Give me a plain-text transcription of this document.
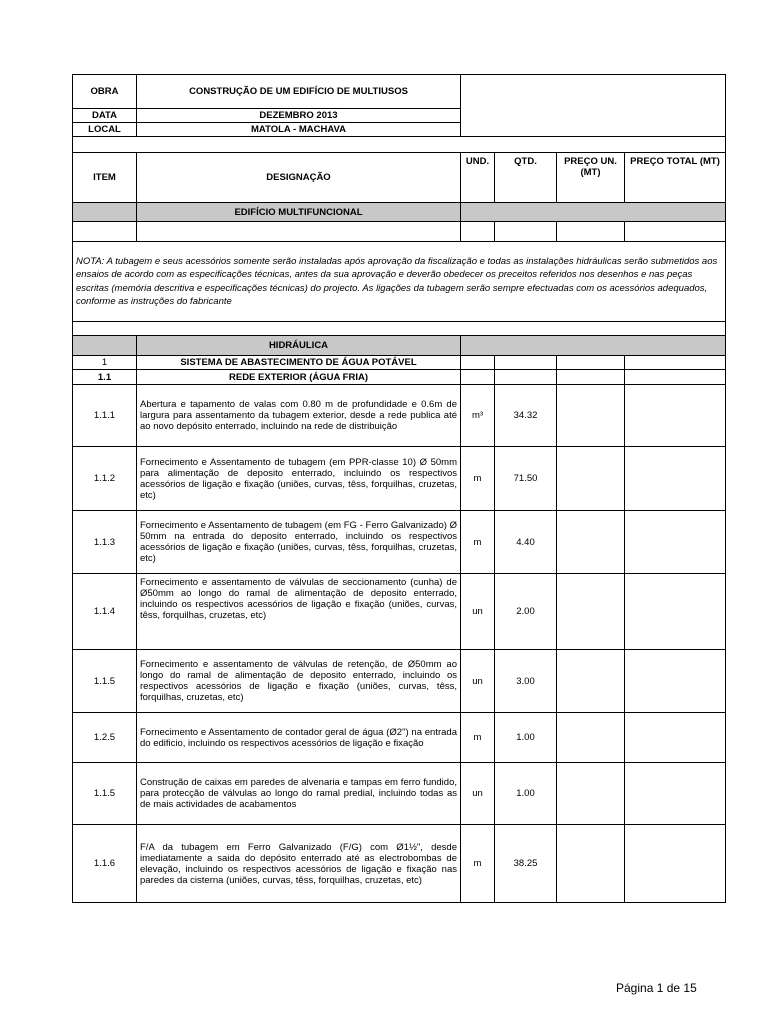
OBRA	CONSTRUÇÃO DE UM EDIFÍCIO DE MULTIUSOS				
DATA	DEZEMBRO 2013				
LOCAL	MATOLA - MACHAVA				

ITEM	DESIGNAÇÃO	UND.	QTD.	PREÇO UN. (MT)	PREÇO TOTAL (MT)
	EDIFÍCIO MULTIFUNCIONAL				

NOTA: A tubagem e seus acessórios somente serão instaladas após aprovação da fiscalização e todas as instalações hidráulicas serão submetidos aos ensaios de acordo com as especificações técnicas, antes da sua aprovação e deverão obedecer os preceitos referidos nos desenhos e nas peças escritas (memória descritiva e especificações técnicas) do projecto. As ligações da tubagem serão sempre efectuadas com os acessórios adequados, conforme as instruções do fabricante					

	HIDRÁULICA				
1	SISTEMA DE ABASTECIMENTO DE ÁGUA POTÁVEL				
1.1	REDE EXTERIOR (ÁGUA FRIA)				
1.1.1	Abertura e tapamento de valas com 0.80 m de profundidade e 0.6m de largura para assentamento da tubagem exterior, desde a rede publica até ao novo depósito enterrado, incluindo na rede de distribuição	m³	34.32		
1.1.2	Fornecimento e Assentamento de tubagem (em PPR-classe 10) Ø 50mm para alimentação de deposito enterrado, incluindo os respectivos acessórios de ligação e fixação (uniões, curvas, têss, forquilhas, cruzetas, etc)	m	71.50		
1.1.3	Fornecimento e Assentamento de tubagem (em FG - Ferro Galvanizado) Ø 50mm na entrada do deposito enterrado, incluindo os respectivos acessórios de ligação e fixação (uniões, curvas, têss, forquilhas, cruzetas, etc)	m	4.40		
1.1.4	Fornecimento e assentamento de válvulas de seccionamento (cunha) de Ø50mm ao longo do ramal de alimentação de deposito enterrado, incluindo os respectivos acessórios de ligação e fixação (uniões, curvas, têss, forquilhas, cruzetas, etc)	un	2.00		
1.1.5	Fornecimento e assentamento de válvulas de retenção, de Ø50mm ao longo do ramal de alimentação de deposito enterrado, incluindo os respectivos acessórios de ligação e fixação (uniões, curvas, têss, forquilhas, cruzetas, etc)	un	3.00		
1.2.5	Fornecimento e Assentamento de contador geral de água (Ø2") na entrada do edificio, incluindo os respectivos acessórios de ligação e fixação	m	1.00		
1.1.5	Construção de caixas em paredes de alvenaria e tampas em ferro fundido, para protecção de válvulas ao longo do ramal predial, incluindo todas as de mais actividades de acabamentos	un	1.00		
1.1.6	F/A da tubagem em Ferro Galvanizado (F/G) com Ø1½", desde imediatamente a saida do depósito enterrado até as electrobombas de elevação, incluindo os respectivos acessórios de ligação e fixação nas paredes da cisterna (uniões, curvas, têss, forquilhas, cruzetas, etc)	m	38.25		
Página 1 de 15
